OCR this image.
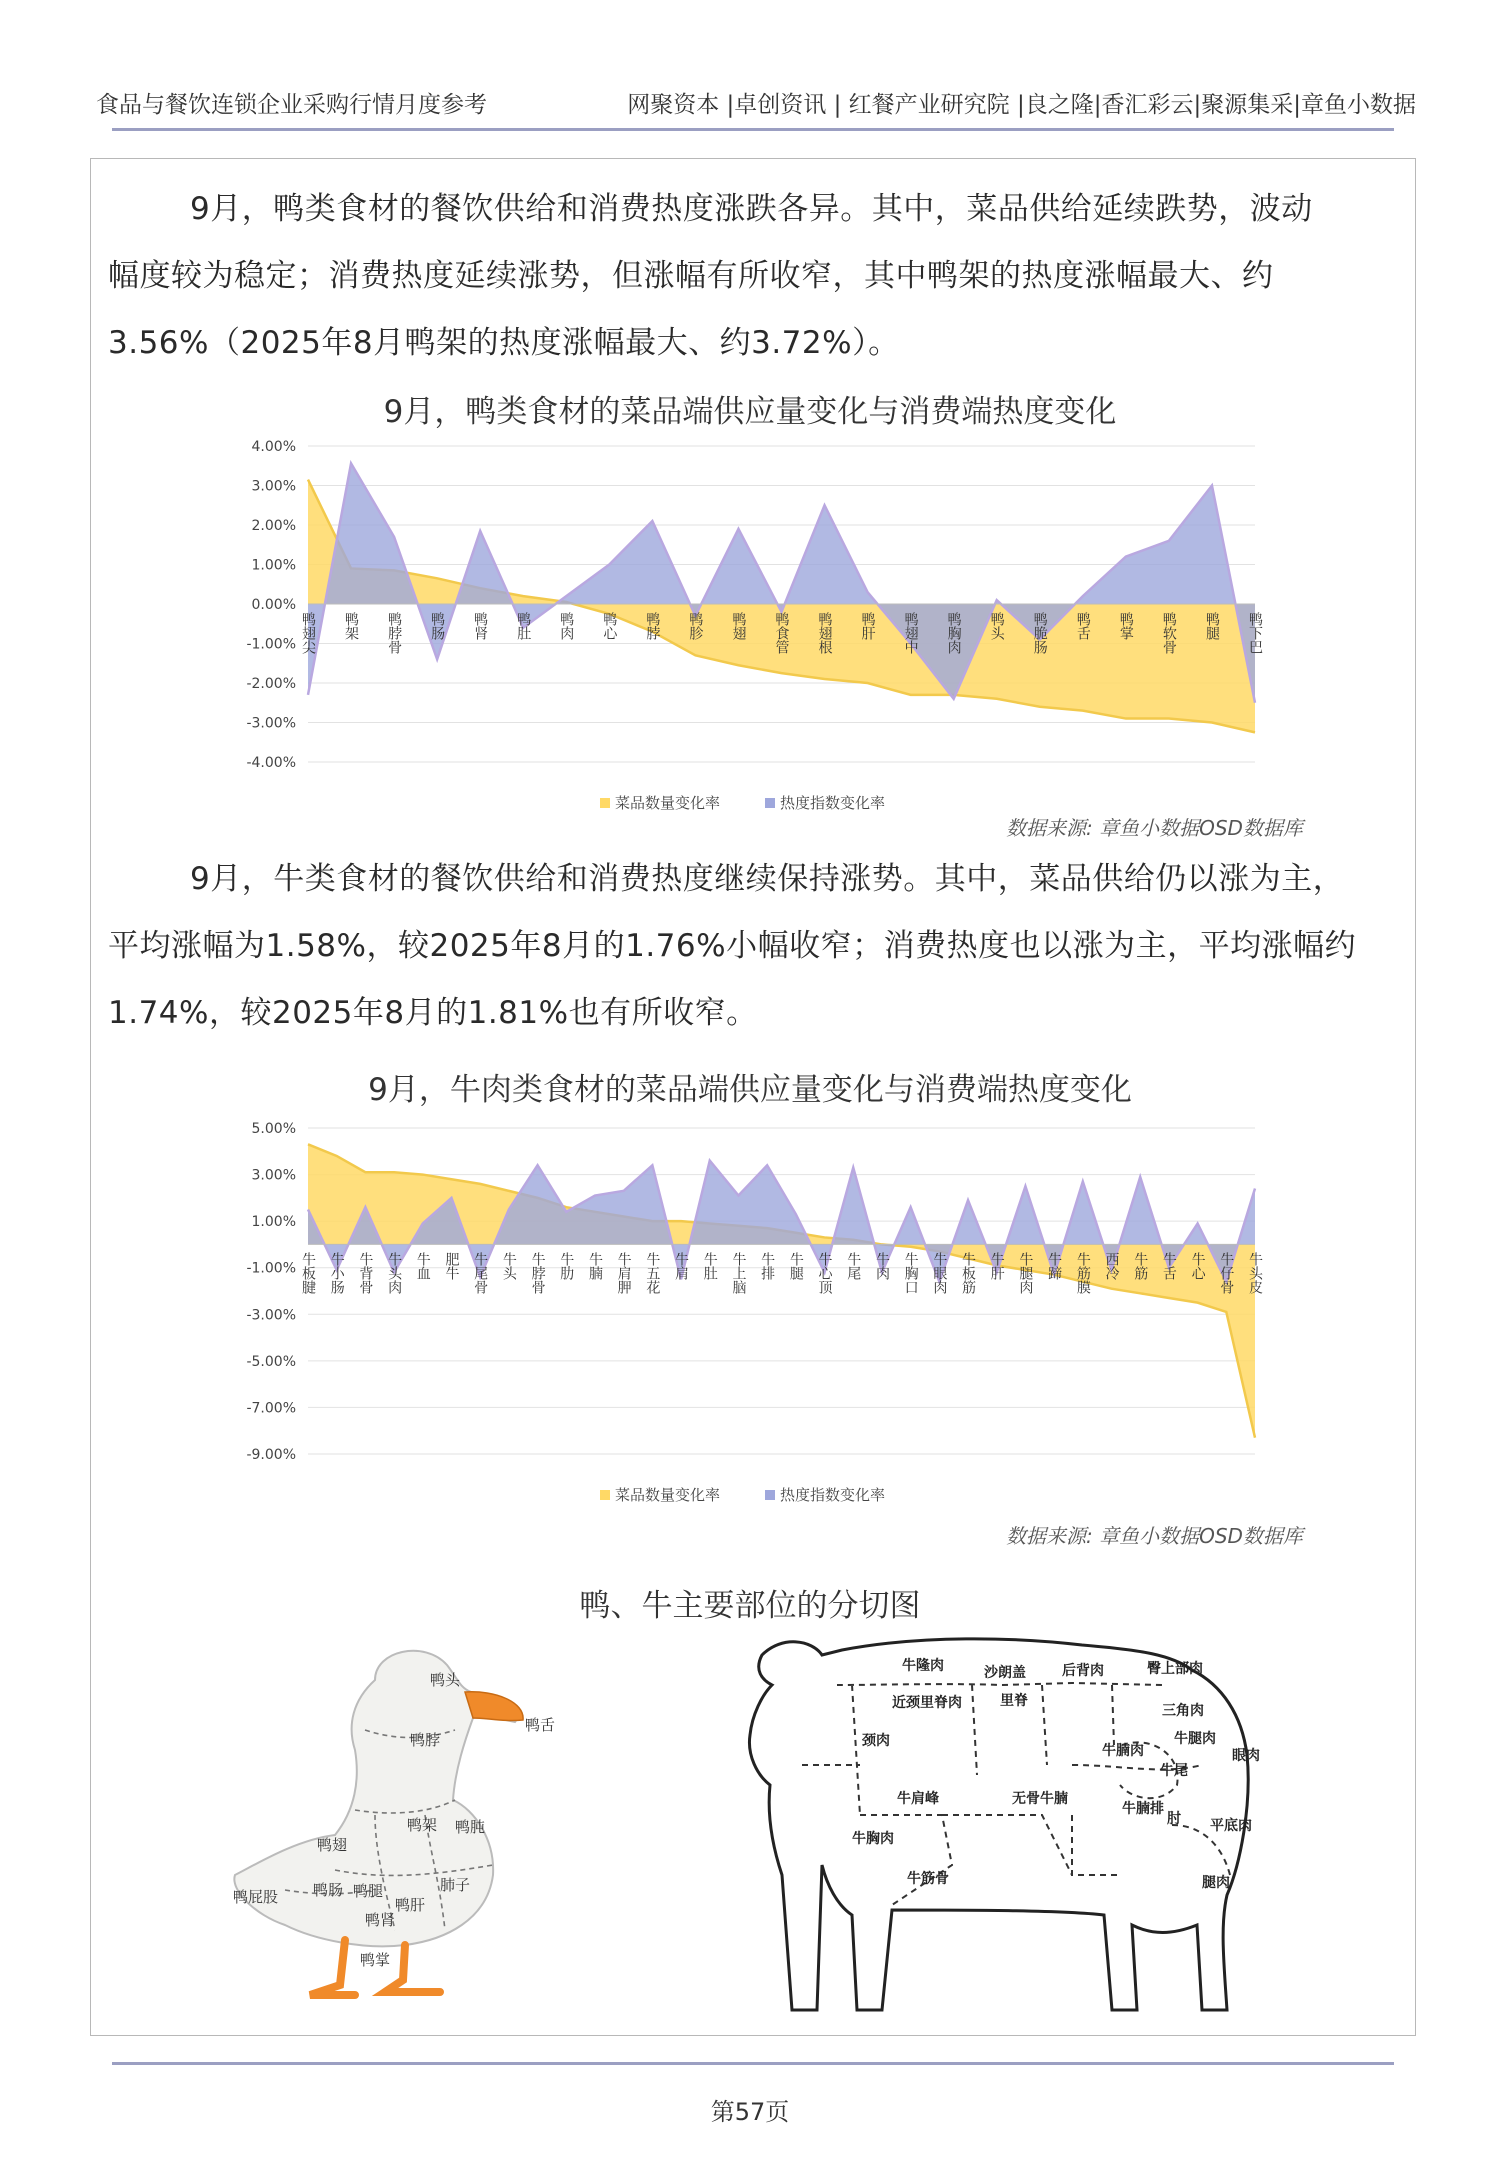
食品与餐饮连锁企业采购行情月度参考	网聚资本 |卓创资讯 | 红餐产业研究院 |良之隆|香汇彩云|聚源集采|章鱼小数据

9月，鸭类食材的餐饮供给和消费热度涨跌各异。其中，菜品供给延续跌势，波动

幅度较为稳定；消费热度延续涨势，但涨幅有所收窄，其中鸭架的热度涨幅最大、约

3.56%（2025年8月鸭架的热度涨幅最大、约3.72%）。

9月，鸭类食材的菜品端供应量变化与消费端热度变化
4.00%
3.00%
2.00%
1.00%
0.00%
-1.00%
-2.00%
-3.00%
-4.00%
鸭翅尖 鸭架 鸭脖骨 鸭肠 鸭肾 鸭肚 鸭肉 鸭心 鸭脖 鸭胗 鸭翅 鸭食管 鸭翅根 鸭肝 鸭翅中 鸭胸肉 鸭头 鸭脆肠 鸭舌 鸭掌 鸭软骨 鸭腿 鸭下巴
菜品数量变化率	热度指数变化率
数据来源: 章鱼小数据OSD数据库

9月，牛类食材的餐饮供给和消费热度继续保持涨势。其中，菜品供给仍以涨为主，

平均涨幅为1.58%，较2025年8月的1.76%小幅收窄；消费热度也以涨为主，平均涨幅约

1.74%，较2025年8月的1.81%也有所收窄。

9月，牛肉类食材的菜品端供应量变化与消费端热度变化
5.00%
3.00%
1.00%
-1.00%
-3.00%
-5.00%
-7.00%
-9.00%
牛板腱 牛小肠 牛背骨 牛头肉 牛血 肥牛 牛尾骨 牛头 牛脖骨 牛肋 牛腩 牛肩胛 牛五花 牛肩 牛肚 牛上脑 牛排 牛腿 牛心顶 牛尾 牛肉 牛胸口 牛眼肉 牛板筋 牛肝 牛腿肉 牛蹄 牛筋膜 西冷 牛筋 牛舌 牛心 牛仔骨 牛头皮
菜品数量变化率	热度指数变化率
数据来源: 章鱼小数据OSD数据库
鸭、牛主要部位的分切图
鸭头
鸭舌
鸭脖
鸭架 鸭肫
鸭翅
鸭屁股 鸭肠 鸭腿
鸭肝
鸭肾
鸭掌
肺子
牛隆肉	沙朗盖	后背肉	臀上部肉
近颈里脊肉	里脊
三角肉
颈肉
牛腩肉
牛腿肉
眼肉
牛肩峰	无骨牛腩
牛尾
牛腩排
肘 平底肉
牛胸肉
腿肉
牛筋骨
第57页
